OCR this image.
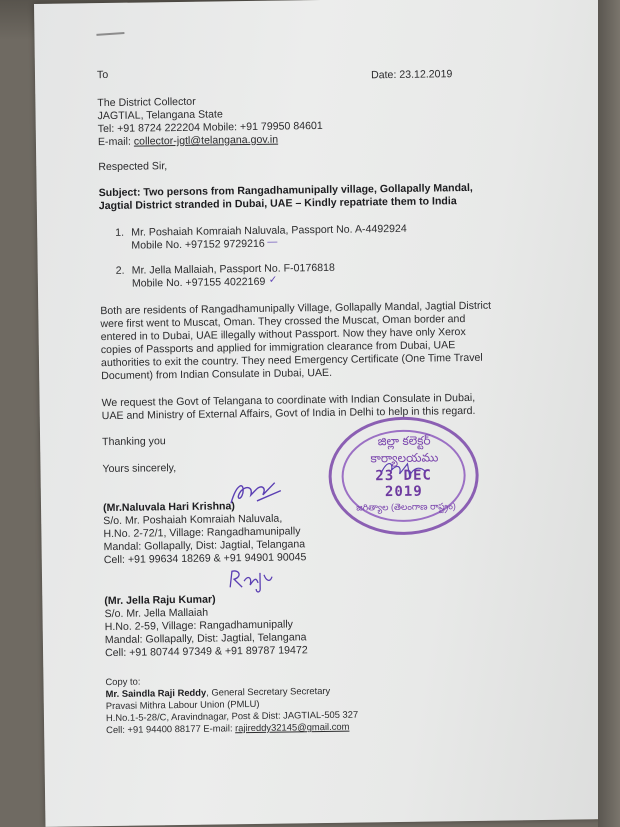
To	Date: 23.12.2019
The District Collector
JAGTIAL, Telangana State
Tel: +91 8724 222204 Mobile: +91 79950 84601
E-mail: collector-jgtl@telangana.gov.in
Respected Sir,
Subject: Two persons from Rangadhamunipally village, Gollapally Mandal,
Jagtial District stranded in Dubai, UAE – Kindly repatriate them to India
1. Mr. Poshaiah Komraiah Naluvala, Passport No. A-4492924
Mobile No. +97152 9729216 ―
2. Mr. Jella Mallaiah, Passport No. F-0176818
Mobile No. +97155 4022169 ✓
Both are residents of Rangadhamunipally Village, Gollapally Mandal, Jagtial District
were first went to Muscat, Oman. They crossed the Muscat, Oman border and
entered in to Dubai, UAE illegally without Passport. Now they have only Xerox
copies of Passports and applied for immigration clearance from Dubai, UAE
authorities to exit the country. They need Emergency Certificate (One Time Travel
Document) from Indian Consulate in Dubai, UAE.
We request the Govt of Telangana to coordinate with Indian Consulate in Dubai,
UAE and Ministry of External Affairs, Govt of India in Delhi to help in this regard.
Thanking you
Yours sincerely,
(Mr.Naluvala Hari Krishna)
S/o. Mr. Poshaiah Komraiah Naluvala,
H.No. 2-72/1, Village: Rangadhamunipally
Mandal: Gollapally, Dist: Jagtial, Telangana
Cell: +91 99634 18269 & +91 94901 90045
(Mr. Jella Raju Kumar)
S/o. Mr. Jella Mallaiah
H.No. 2-59, Village: Rangadhamunipally
Mandal: Gollapally, Dist: Jagtial, Telangana
Cell: +91 80744 97349 & +91 89787 19472
Copy to:
Mr. Saindla Raji Reddy, General Secretary Secretary
Pravasi Mithra Labour Union (PMLU)
H.No.1-5-28/C, Aravindnagar, Post & Dist: JAGTIAL-505 327
Cell: +91 94400 88177 E-mail: rajireddy32145@gmail.com
జిల్లా కలెక్టర్ కార్యాలయము
23 DEC 2019
జగిత్యాల (తెలంగాణ రాష్ట్రం)
